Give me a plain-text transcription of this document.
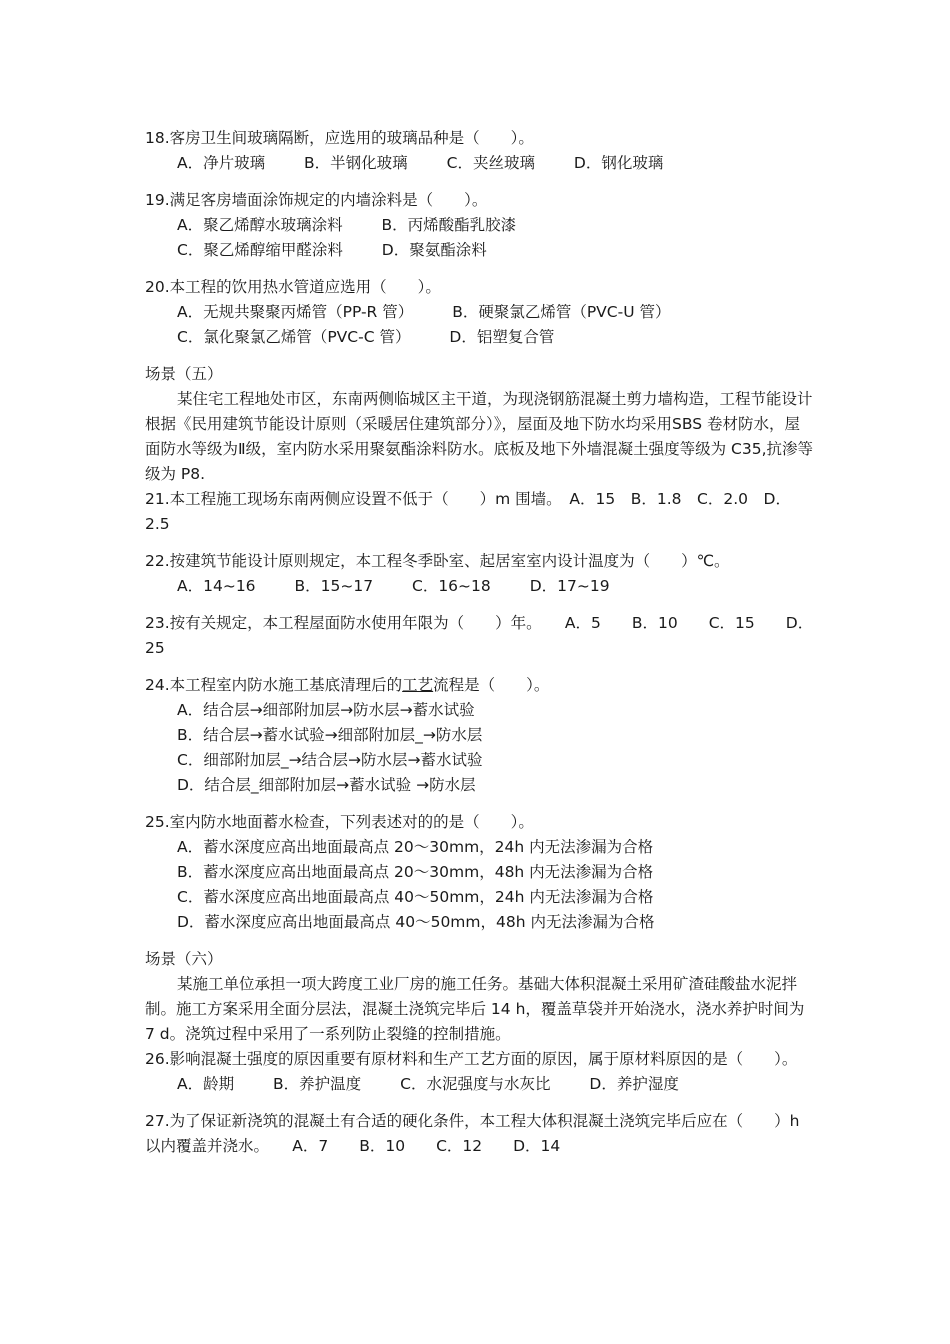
18.客房卫生间玻璃隔断，应选用的玻璃品种是（　　）。
A．净片玻璃	B．半钢化玻璃	C．夹丝玻璃	D．钢化玻璃
19.满足客房墙面涂饰规定的内墙涂料是（　　）。
A．聚乙烯醇水玻璃涂料	B．丙烯酸酯乳胶漆
C．聚乙烯醇缩甲醛涂料	D．聚氨酯涂料
20.本工程的饮用热水管道应选用（　　）。
A．无规共聚聚丙烯管（PP-R 管）	B．硬聚氯乙烯管（PVC-U 管）
C．氯化聚氯乙烯管（PVC-C 管）	D．铝塑复合管
场景（五）
某住宅工程地处市区，东南两侧临城区主干道，为现浇钢筋混凝土剪力墙构造，工程节能设计根据《民用建筑节能设计原则（采暖居住建筑部分）》，屋面及地下防水均采用SBS 卷材防水，屋面防水等级为Ⅱ级，室内防水采用聚氨酯涂料防水。底板及地下外墙混凝土强度等级为 C35,抗渗等级为 P8.
21.本工程施工现场东南两侧应设置不低于（　　）m 围墙。　A．15　B．1.8　C．2.0　D．2.5
22.按建筑节能设计原则规定，本工程冬季卧室、起居室室内设计温度为（　　）℃。
A．14~16	B．15~17	C．16~18	D．17~19
23.按有关规定，本工程屋面防水使用年限为（　　）年。　　A．5　　B．10　　C．15　　D．25
24.本工程室内防水施工基底清理后的工艺流程是（　　）。
A．结合层→细部附加层→防水层→蓄水试验
B．结合层→蓄水试验→细部附加层_→防水层
C．细部附加层_→结合层→防水层→蓄水试验
D．结合层_细部附加层→蓄水试验 →防水层
25.室内防水地面蓄水检查，下列表述对的的是（　　）。
A．蓄水深度应高出地面最高点 20～30mm，24h 内无法渗漏为合格
B．蓄水深度应高出地面最高点 20～30mm，48h 内无法渗漏为合格
C．蓄水深度应高出地面最高点 40～50mm，24h 内无法渗漏为合格
D．蓄水深度应高出地面最高点 40～50mm，48h 内无法渗漏为合格
场景（六）
某施工单位承担一项大跨度工业厂房的施工任务。基础大体积混凝土采用矿渣硅酸盐水泥拌制。施工方案采用全面分层法，混凝土浇筑完毕后 14 h，覆盖草袋并开始浇水，浇水养护时间为 7 d。浇筑过程中采用了一系列防止裂缝的控制措施。
26.影响混凝土强度的原因重要有原材料和生产工艺方面的原因，属于原材料原因的是（　　）。
A．龄期	B．养护温度	C．水泥强度与水灰比	D．养护湿度
27.为了保证新浇筑的混凝土有合适的硬化条件，本工程大体积混凝土浇筑完毕后应在（　　）h 以内覆盖并浇水。　　A．7　　B．10　　C．12　　D．14
